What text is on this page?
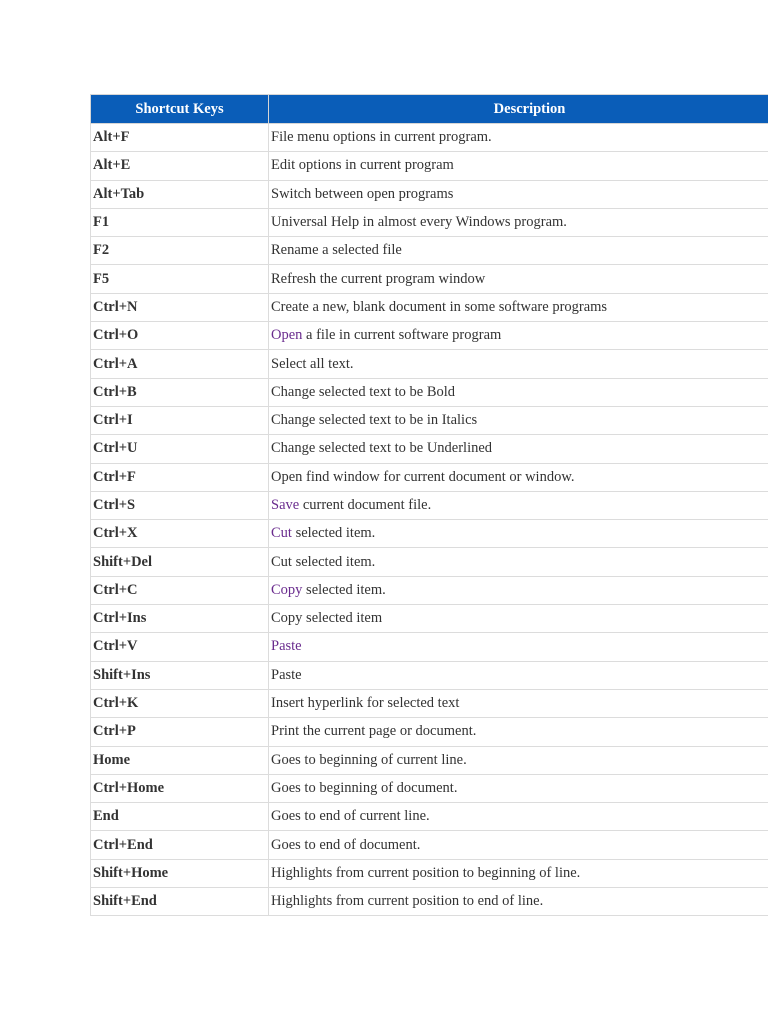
Shortcut Keys	Description
Alt+F	File menu options in current program.
Alt+E	Edit options in current program
Alt+Tab	Switch between open programs
F1	Universal Help in almost every Windows program.
F2	Rename a selected file
F5	Refresh the current program window
Ctrl+N	Create a new, blank document in some software programs
Ctrl+O	Open a file in current software program
Ctrl+A	Select all text.
Ctrl+B	Change selected text to be Bold
Ctrl+I	Change selected text to be in Italics
Ctrl+U	Change selected text to be Underlined
Ctrl+F	Open find window for current document or window.
Ctrl+S	Save current document file.
Ctrl+X	Cut selected item.
Shift+Del	Cut selected item.
Ctrl+C	Copy selected item.
Ctrl+Ins	Copy selected item
Ctrl+V	Paste
Shift+Ins	Paste
Ctrl+K	Insert hyperlink for selected text
Ctrl+P	Print the current page or document.
Home	Goes to beginning of current line.
Ctrl+Home	Goes to beginning of document.
End	Goes to end of current line.
Ctrl+End	Goes to end of document.
Shift+Home	Highlights from current position to beginning of line.
Shift+End	Highlights from current position to end of line.
